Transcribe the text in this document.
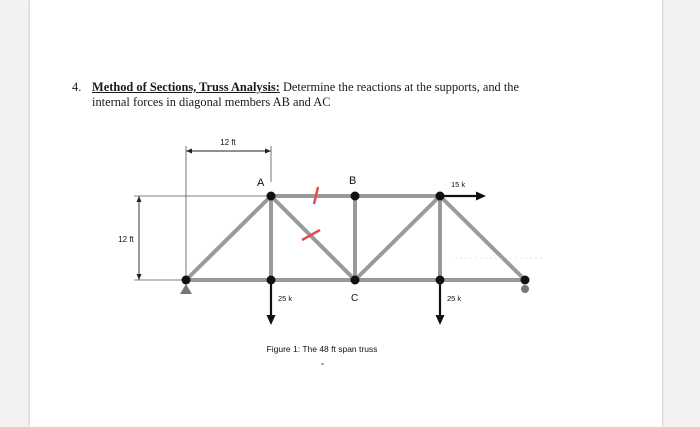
4. Method of Sections, Truss Analysis: Determine the reactions at the supports, and the
internal forces in diagonal members AB and AC
12 ft
12 ft
A	B
C
25 k	25 k
15 k
Figure 1: The 48 ft span truss
